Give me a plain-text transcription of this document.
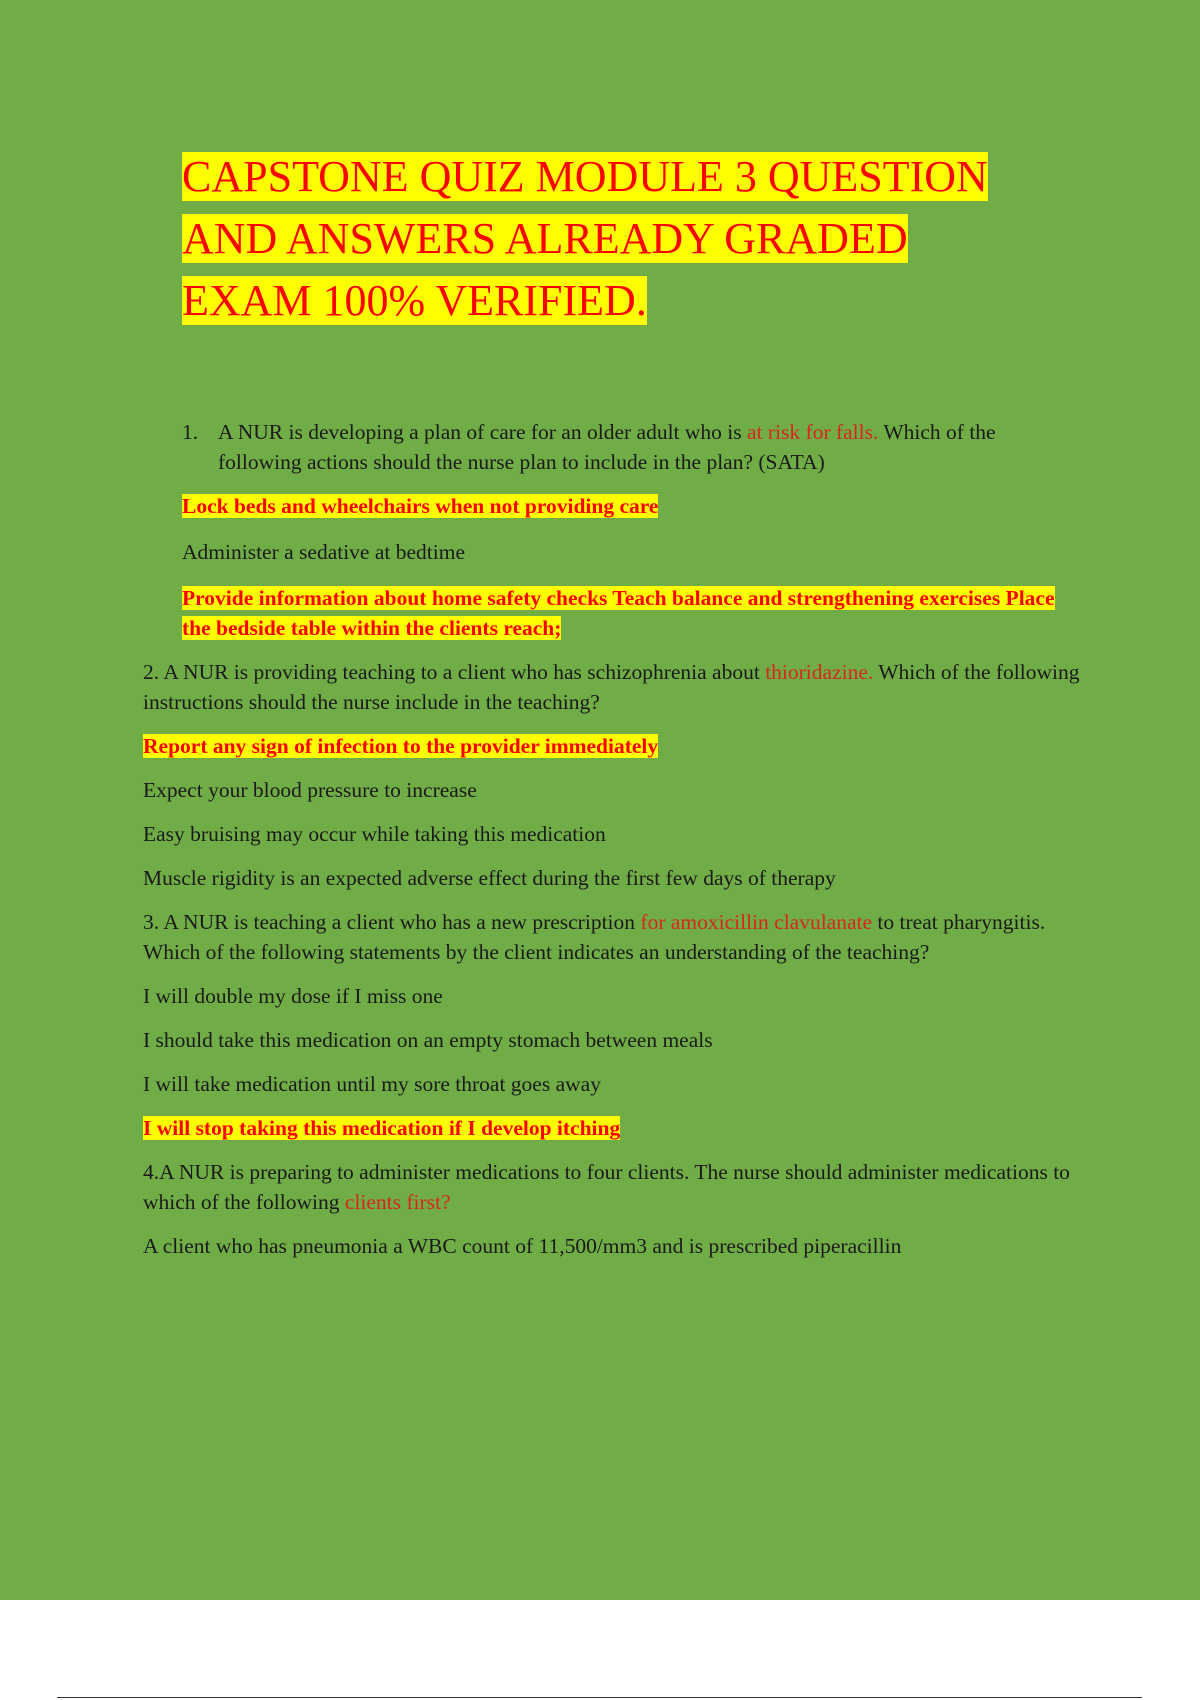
CAPSTONE QUIZ MODULE 3 QUESTION
AND ANSWERS ALREADY GRADED
EXAM 100% VERIFIED.
1. A NUR is developing a plan of care for an older adult who is at risk for falls. Which of the following actions should the nurse plan to include in the plan? (SATA)

Lock beds and wheelchairs when not providing care

Administer a sedative at bedtime

Provide information about home safety checks Teach balance and strengthening exercises Place the bedside table within the clients reach;

2. A NUR is providing teaching to a client who has schizophrenia about thioridazine. Which of the following instructions should the nurse include in the teaching?

Report any sign of infection to the provider immediately

Expect your blood pressure to increase

Easy bruising may occur while taking this medication

Muscle rigidity is an expected adverse effect during the first few days of therapy

3. A NUR is teaching a client who has a new prescription for amoxicillin clavulanate to treat pharyngitis. Which of the following statements by the client indicates an understanding of the teaching?

I will double my dose if I miss one

I should take this medication on an empty stomach between meals

I will take medication until my sore throat goes away

I will stop taking this medication if I develop itching

4.A NUR is preparing to administer medications to four clients. The nurse should administer medications to which of the following clients first?

A client who has pneumonia a WBC count of 11,500/mm3 and is prescribed piperacillin
